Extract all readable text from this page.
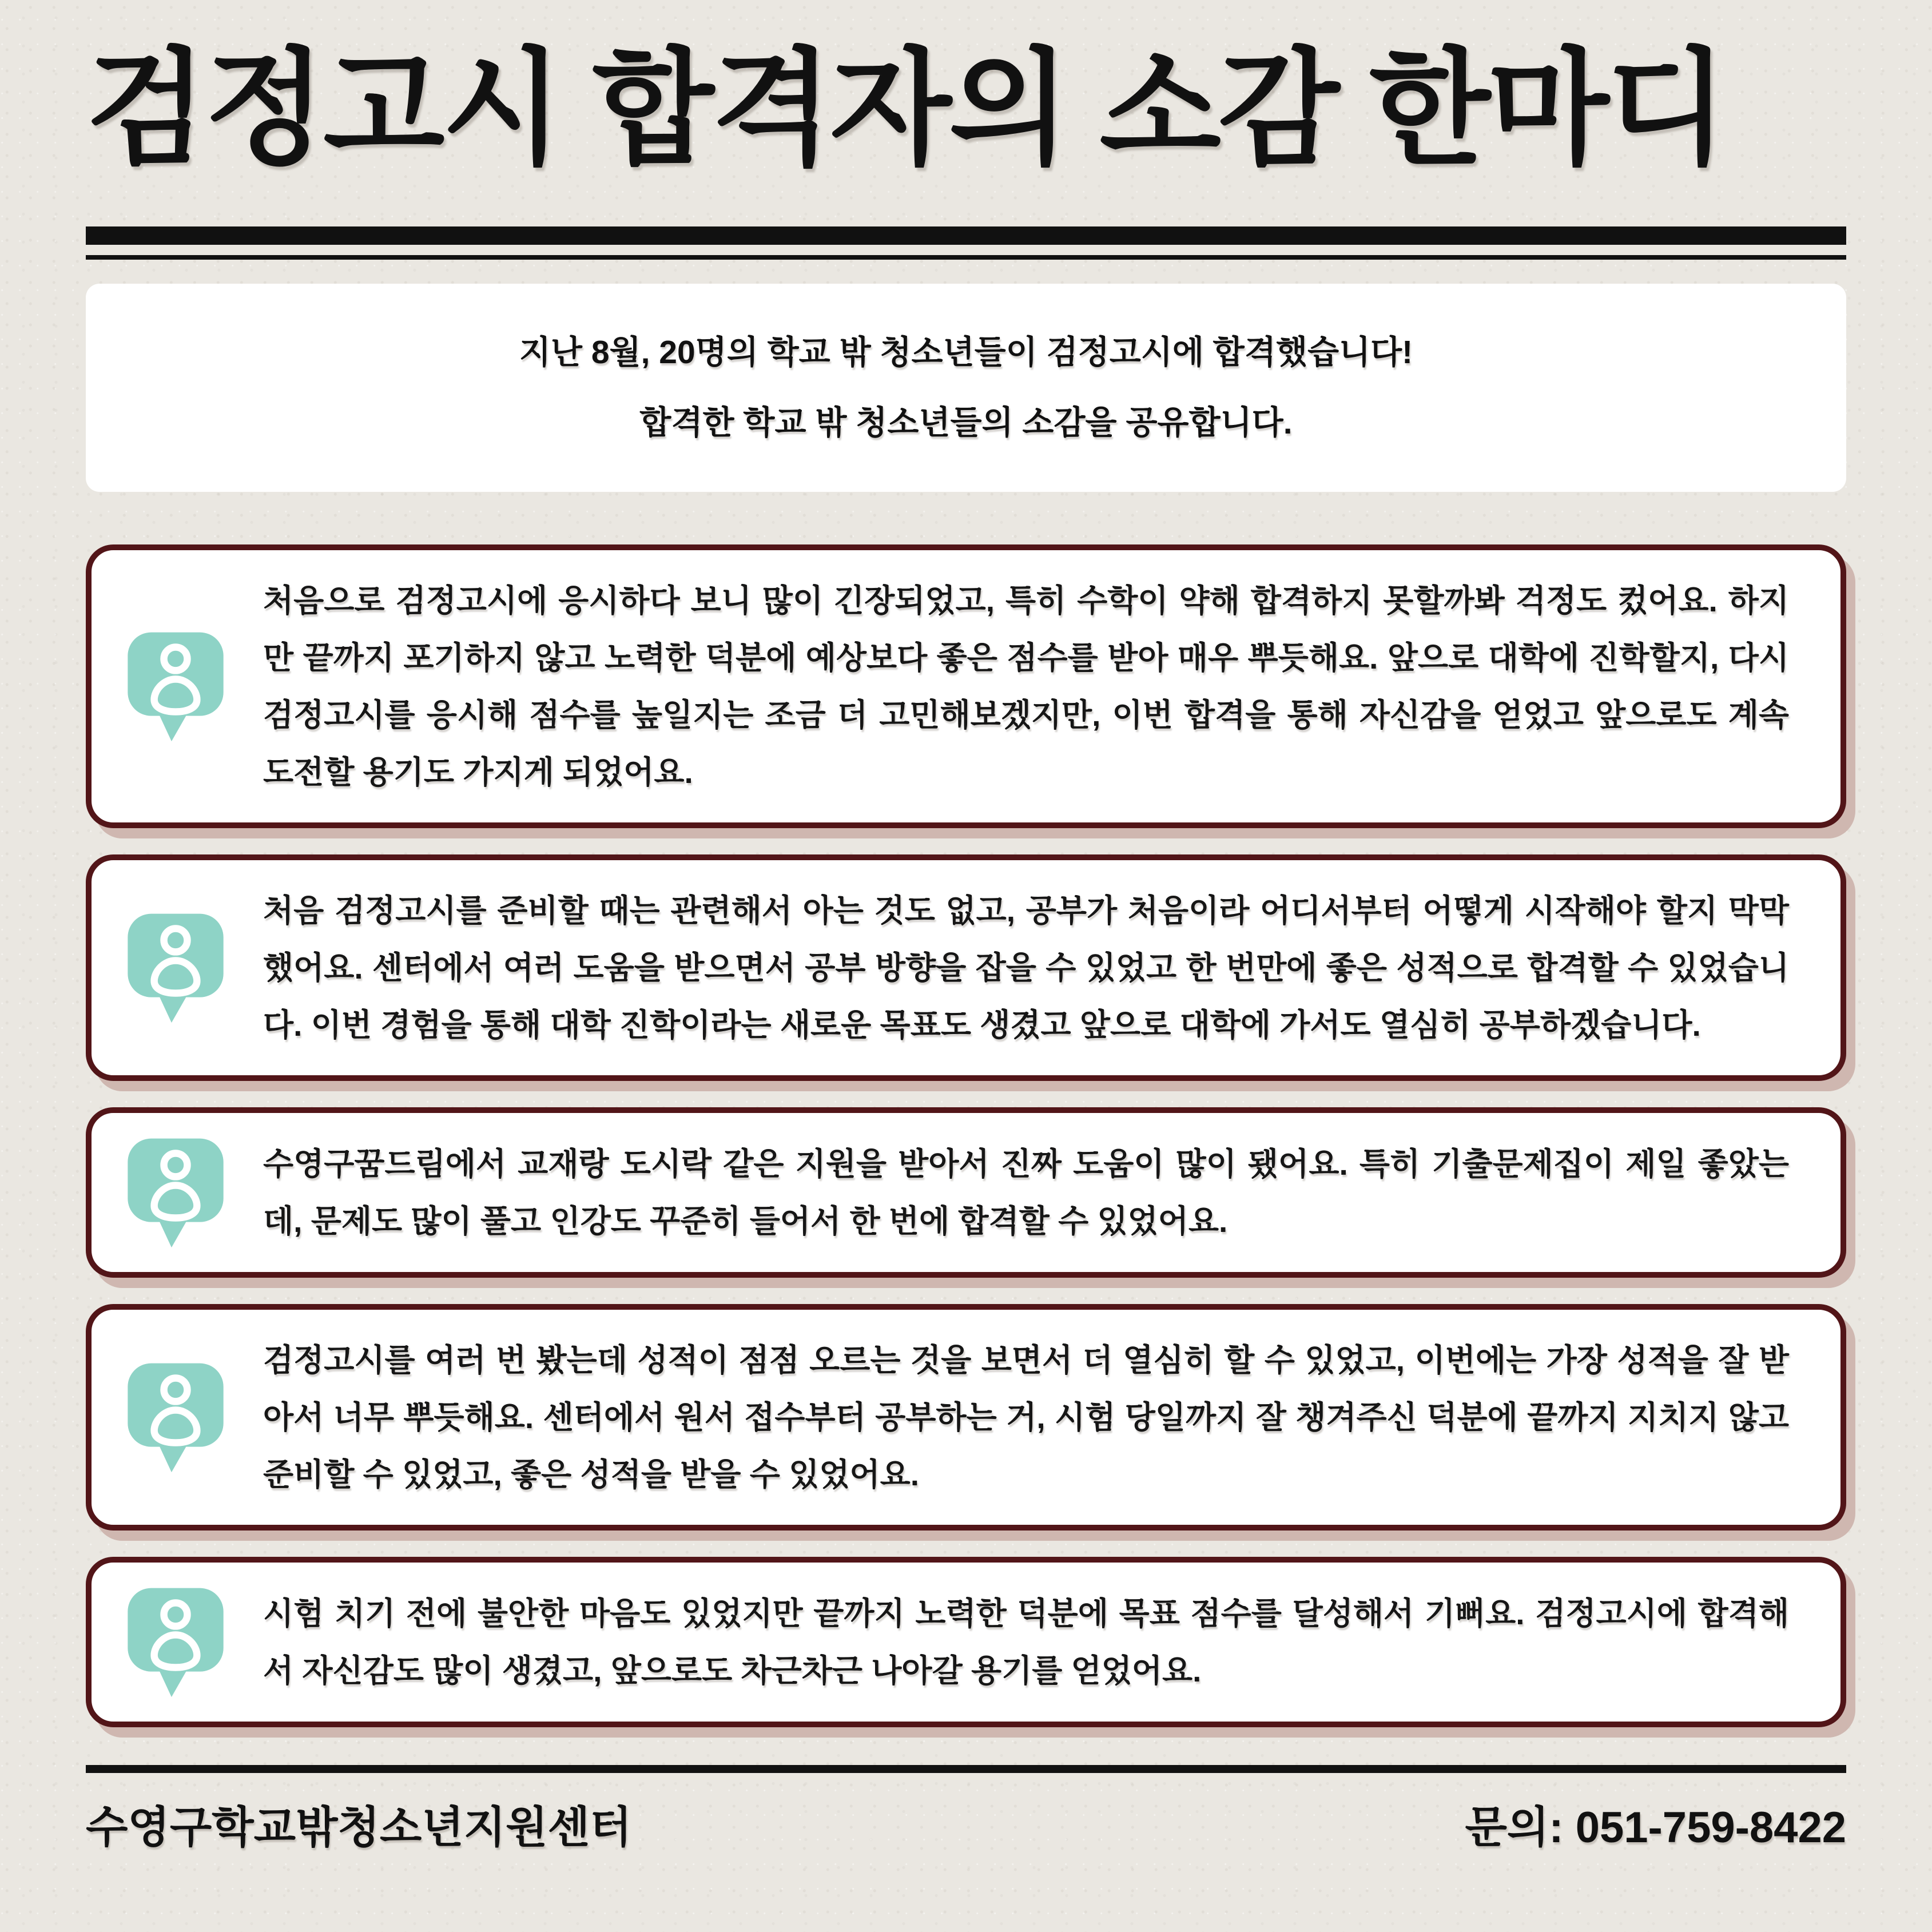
검정고시 합격자의 소감 한마디

지난 8월, 20명의 학교 밖 청소년들이 검정고시에 합격했습니다!

합격한 학교 밖 청소년들의 소감을 공유합니다.

처음으로 검정고시에 응시하다 보니 많이 긴장되었고, 특히 수학이 약해 합격하지 못할까봐 걱정도 컸어요. 하지만 끝까지 포기하지 않고 노력한 덕분에 예상보다 좋은 점수를 받아 매우 뿌듯해요. 앞으로 대학에 진학할지, 다시 검정고시를 응시해 점수를 높일지는 조금 더 고민해보겠지만, 이번 합격을 통해 자신감을 얻었고 앞으로도 계속 도전할 용기도 가지게 되었어요.

처음 검정고시를 준비할 때는 관련해서 아는 것도 없고, 공부가 처음이라 어디서부터 어떻게 시작해야 할지 막막했어요. 센터에서 여러 도움을 받으면서 공부 방향을 잡을 수 있었고 한 번만에 좋은 성적으로 합격할 수 있었습니다. 이번 경험을 통해 대학 진학이라는 새로운 목표도 생겼고 앞으로 대학에 가서도 열심히 공부하겠습니다.

수영구꿈드림에서 교재랑 도시락 같은 지원을 받아서 진짜 도움이 많이 됐어요. 특히 기출문제집이 제일 좋았는데, 문제도 많이 풀고 인강도 꾸준히 들어서 한 번에 합격할 수 있었어요.

검정고시를 여러 번 봤는데 성적이 점점 오르는 것을 보면서 더 열심히 할 수 있었고, 이번에는 가장 성적을 잘 받아서 너무 뿌듯해요. 센터에서 원서 접수부터 공부하는 거, 시험 당일까지 잘 챙겨주신 덕분에 끝까지 지치지 않고 준비할 수 있었고, 좋은 성적을 받을 수 있었어요.

시험 치기 전에 불안한 마음도 있었지만 끝까지 노력한 덕분에 목표 점수를 달성해서 기뻐요. 검정고시에 합격해서 자신감도 많이 생겼고, 앞으로도 차근차근 나아갈 용기를 얻었어요.

수영구학교밖청소년지원센터	문의: 051-759-8422
